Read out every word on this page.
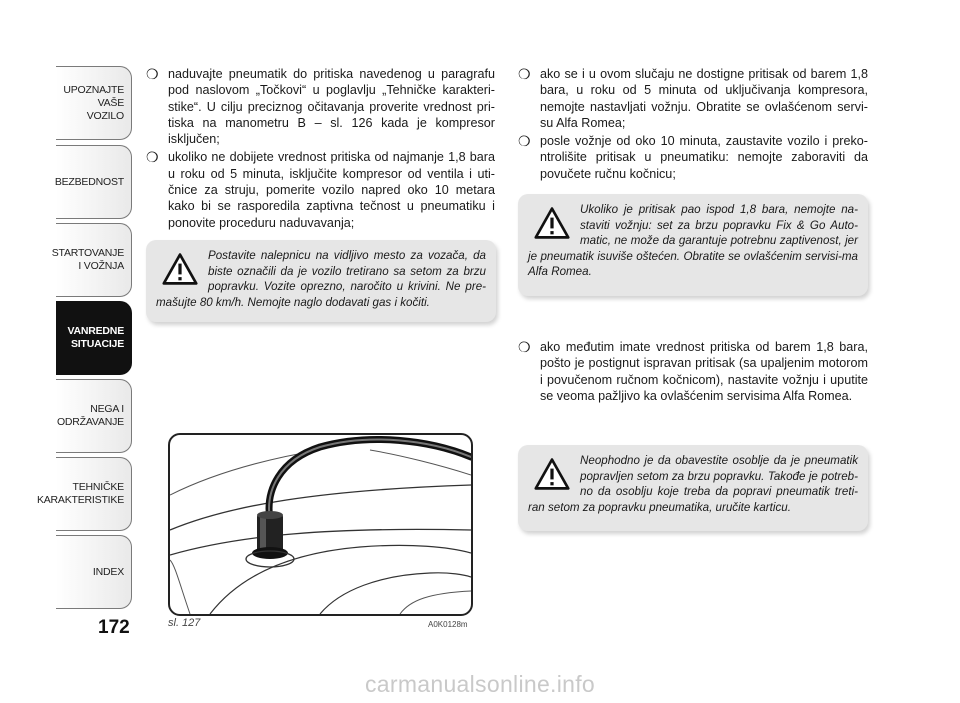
UPOZNAJTE
VAŠE VOZILO
BEZBEDNOST
STARTOVANJE
I VOŽNJA
VANREDNE
SITUACIJE
NEGA I
ODRŽAVANJE
TEHNIČKE
KARAKTERISTIKE
INDEX
172

❍ naduvajte pneumatik do pritiska navedenog u paragrafu pod naslovom „Točkovi“ u poglavlju „Tehničke karakteri-stike“. U cilju preciznog očitavanja proverite vrednost pri-tiska na manometru B – sl. 126 kada je kompresor isključen;

❍ ukoliko ne dobijete vrednost pritiska od najmanje 1,8 bara u roku od 5 minuta, isključite kompresor od ventila i uti-čnice za struju, pomerite vozilo napred oko 10 metara kako bi se rasporedila zaptivna tečnost u pneumatiku i ponovite proceduru naduvavanja;

Postavite nalepnicu na vidljivo mesto za vozača, da biste označili da je vozilo tretirano sa setom za brzu popravku. Vozite oprezno, naročito u krivini. Ne pre-mašujte 80 km/h. Nemojte naglo dodavati gas i kočiti.

❍ ako se i u ovom slučaju ne dostigne pritisak od barem 1,8 bara, u roku od 5 minuta od uključivanja kompresora, nemojte nastavljati vožnju. Obratite se ovlašćenom servi-su Alfa Romea;

❍ posle vožnje od oko 10 minuta, zaustavite vozilo i preko-ntrolišite pritisak u pneumatiku: nemojte zaboraviti da povučete ručnu kočnicu;

Ukoliko je pritisak pao ispod 1,8 bara, nemojte na-staviti vožnju: set za brzu popravku Fix & Go Auto-matic, ne može da garantuje potrebnu zaptivenost, jer je pneumatik isuviše oštećen. Obratite se ovlašćenim servisi-ma Alfa Romea.

❍ ako međutim imate vrednost pritiska od barem 1,8 bara, pošto je postignut ispravan pritisak (sa upaljenim motorom i povučenom ručnom kočnicom), nastavite vožnju i uputite se veoma pažljivo ka ovlašćenim servisima Alfa Romea.

Neophodno je da obavestite osoblje da je pneumatik popravljen setom za brzu popravku. Takođe je potreb-no da osoblju koje treba da popravi pneumatik treti-ran setom za popravku pneumatika, uručite karticu.
sl. 127	A0K0128m
carmanualsonline.info
